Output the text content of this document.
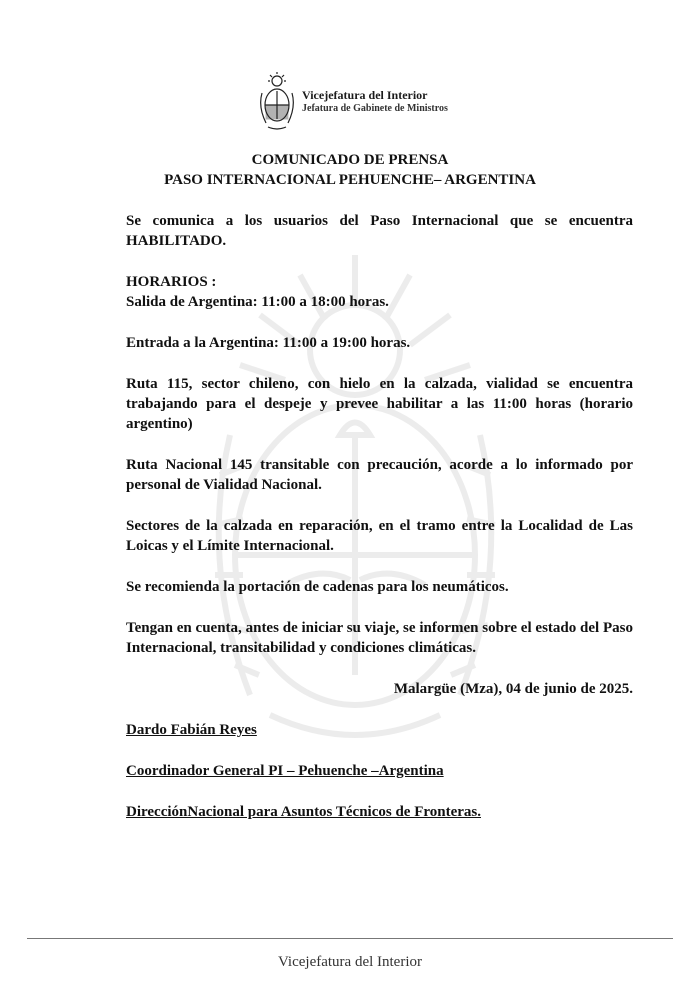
Vicejefatura del Interior
Jefatura de Gabinete de Ministros
COMUNICADO DE PRENSA
PASO INTERNACIONAL PEHUENCHE– ARGENTINA

Se comunica a los usuarios del Paso Internacional que se encuentra
HABILITADO.

HORARIOS :

Salida de Argentina: 11:00 a 18:00 horas.

Entrada a la Argentina: 11:00 a 19:00 horas.

Ruta 115, sector chileno, con hielo en la calzada, vialidad se encuentra trabajando para el despeje y prevee habilitar a las 11:00 horas (horario argentino)

Ruta Nacional 145 transitable con precaución, acorde a lo informado por personal de Vialidad Nacional.

Sectores de la calzada en reparación, en el tramo entre la Localidad de Las Loicas y el Límite Internacional.

Se recomienda la portación de cadenas para los neumáticos.

Tengan en cuenta, antes de iniciar su viaje, se informen sobre el estado del Paso Internacional, transitabilidad y condiciones climáticas.

Malargüe (Mza), 04 de junio de 2025.

Dardo Fabián Reyes

Coordinador General PI – Pehuenche –Argentina

DirecciónNacional para Asuntos Técnicos de Fronteras.

Vicejefatura del Interior
